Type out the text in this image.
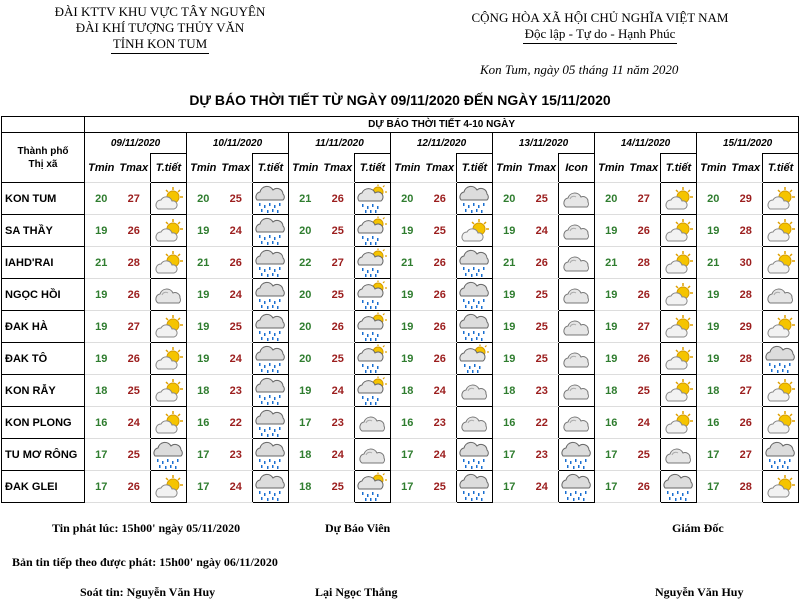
ĐÀI KTTV KHU VỰC TÂY NGUYÊN
ĐÀI KHÍ TƯỢNG THỦY VĂN
TỈNH KON TUM
CỘNG HÒA XÃ HỘI CHỦ NGHĨA VIỆT NAM
Độc lập - Tự do - Hạnh Phúc
Kon Tum, ngày 05 tháng 11 năm 2020
DỰ BÁO THỜI TIẾT TỪ NGÀY 09/11/2020 ĐẾN NGÀY 15/11/2020
	DỰ BÁO THỜI TIẾT 4-10 NGÀY																				

Thành phố
Thị xã	09/11/2020			10/11/2020			11/11/2020			12/11/2020			13/11/2020			14/11/2020			15/11/2020		
	Tmin	Tmax	T.tiết	Tmin	Tmax	T.tiết	Tmin	Tmax	T.tiết	Tmin	Tmax	T.tiết	Tmin	Tmax	Icon	Tmin	Tmax	T.tiết	Tmin	Tmax	T.tiết
KON TUM	20	27		20	25		21	26		20	26		20	25		20	27		20	29	

SA THẦY	19	26		19	24		20	25		19	25		19	24		19	26		19	28	

IAHD'RAI	21	28		21	26		22	27		21	26		21	26		21	28		21	30	

NGỌC HỒI	19	26		19	24		20	25		19	26		19	25		19	26		19	28	

ĐAK HÀ	19	27		19	25		20	26		19	26		19	25		19	27		19	29	

ĐAK TÔ	19	26		19	24		20	25		19	26		19	25		19	26		19	28	

KON RẪY	18	25		18	23		19	24		18	24		18	23		18	25		18	27	

KON PLONG	16	24		16	22		17	23		16	23		16	22		16	24		16	26	

TU MƠ RÔNG	17	25		17	23		18	24		17	24		17	23		17	25		17	27	

ĐAK GLEI	17	26		17	24		18	25		17	25		17	24		17	26		17	28	
Tin phát lúc: 15h00' ngày 05/11/2020	Dự Báo Viên	Giám Đốc
Bản tin tiếp theo được phát: 15h00' ngày 06/11/2020
Soát tin: Nguyễn Văn Huy	Lại Ngọc Thắng	Nguyễn Văn Huy
